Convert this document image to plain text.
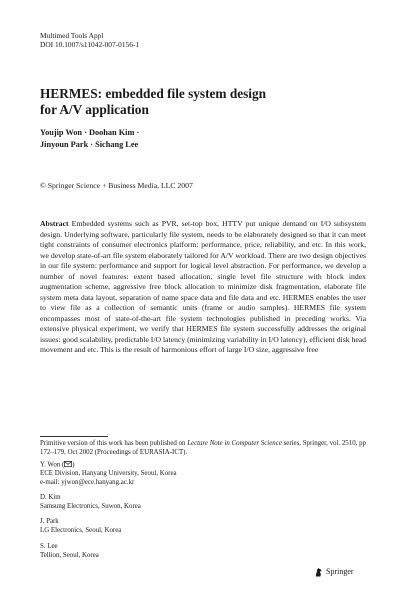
Multimed Tools Appl
DOI 10.1007/s11042-007-0156-1
HERMES: embedded file system design
for A/V application
Youjip Won · Doohan Kim ·
Jinyoun Park · Sichang Lee
© Springer Science + Business Media, LLC 2007

Abstract Embedded systems such as PVR, set-top box, HTTV put unique demand on I/O subsystem design. Underlying software, particularly file system, needs to be elaborately designed so that it can meet tight constraints of consumer electronics platform: performance, price, reliability, and etc. In this work, we develop state-of-art file system elaborately tailored for A/V workload. There are two design objectives in our file system: performance and support for logical level abstraction. For performance, we develop a number of novel features: extent based allocation, single level file structure with block index augmentation scheme, aggressive free block allocation to minimize disk fragmentation, elaborate file system meta data layout, separation of name space data and file data and etc. HERMES enables the user to view file as a collection of semantic units (frame or audio samples). HERMES file system encompasses most of state-of-the-art file system technologies published in preceding works. Via extensive physical experiment, we verify that HERMES file system successfully addresses the original issues: good scalability, predictable I/O latency (minimizing variability in I/O latency), efficient disk head movement and etc. This is the result of harmonious effort of large I/O size, aggressive free

Primitive version of this work has been published on Lecture Note in Computer Science series, Springer, vol. 2510, pp 172–179, Oct 2002 (Proceedings of EURASIA-ICT).
Y. Won ( )
ECE Division, Hanyang University, Seoul, Korea
e-mail: yjwon@ece.hanyang.ac.kr
D. Kim
Samsung Electronics, Suwon, Korea
J. Park
LG Electronics, Seoul, Korea
S. Lee
Tellion, Seoul, Korea
Springer
